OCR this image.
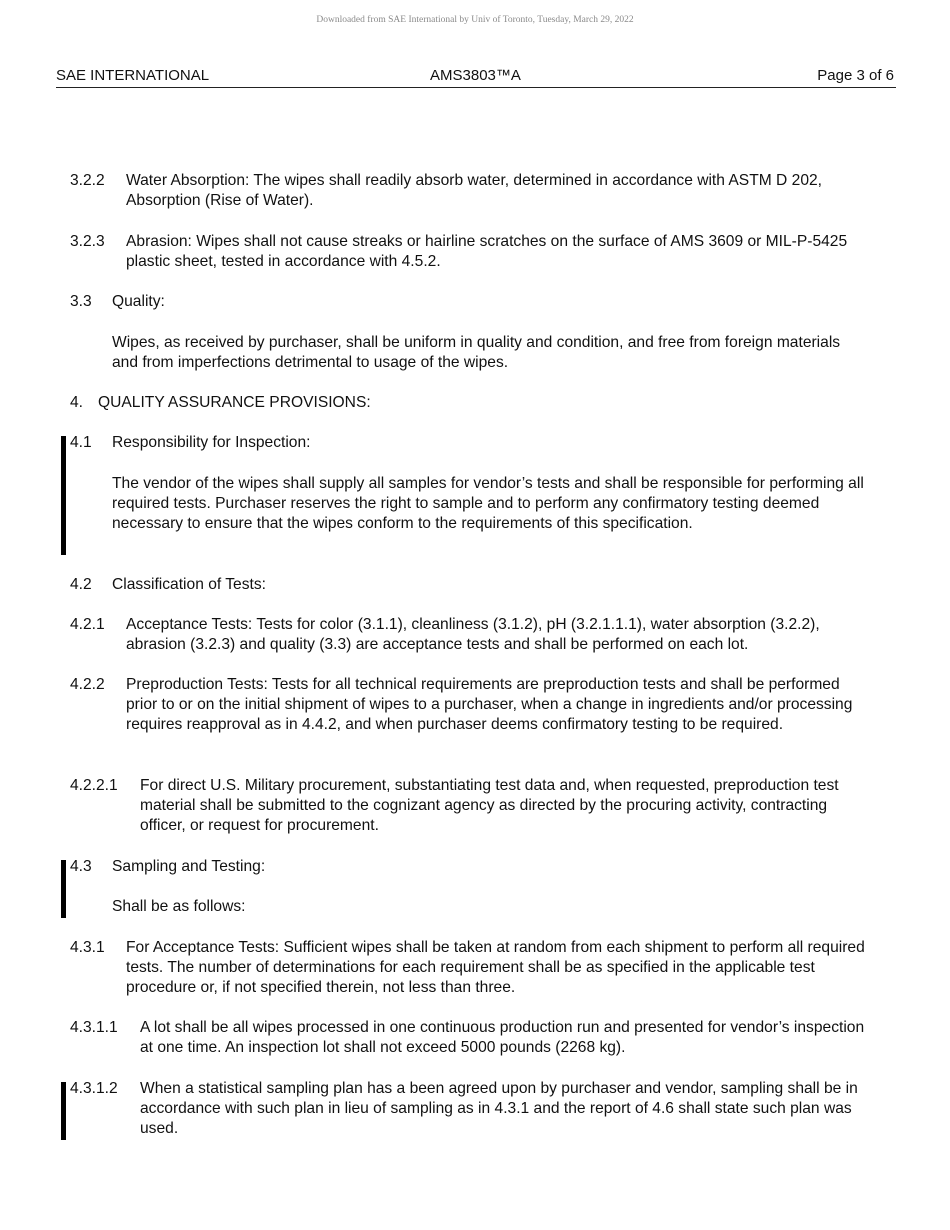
Downloaded from SAE International by Univ of Toronto, Tuesday, March 29, 2022
SAE INTERNATIONAL	AMS3803™A	Page 3 of 6
3.2.2	Water Absorption: The wipes shall readily absorb water, determined in accordance with ASTM D 202, Absorption (Rise of Water).
3.2.3	Abrasion: Wipes shall not cause streaks or hairline scratches on the surface of AMS 3609 or MIL-P-5425 plastic sheet, tested in accordance with 4.5.2.
3.3	Quality:
Wipes, as received by purchaser, shall be uniform in quality and condition, and free from foreign materials and from imperfections detrimental to usage of the wipes.
4. QUALITY ASSURANCE PROVISIONS:
4.1	Responsibility for Inspection:
The vendor of the wipes shall supply all samples for vendor’s tests and shall be responsible for performing all required tests. Purchaser reserves the right to sample and to perform any confirmatory testing deemed necessary to ensure that the wipes conform to the requirements of this specification.
4.2	Classification of Tests:
4.2.1	Acceptance Tests: Tests for color (3.1.1), cleanliness (3.1.2), pH (3.2.1.1.1), water absorption (3.2.2), abrasion (3.2.3) and quality (3.3) are acceptance tests and shall be performed on each lot.
4.2.2	Preproduction Tests: Tests for all technical requirements are preproduction tests and shall be performed prior to or on the initial shipment of wipes to a purchaser, when a change in ingredients and/or processing requires reapproval as in 4.4.2, and when purchaser deems confirmatory testing to be required.
4.2.2.1	For direct U.S. Military procurement, substantiating test data and, when requested, preproduction test material shall be submitted to the cognizant agency as directed by the procuring activity, contracting officer, or request for procurement.
4.3	Sampling and Testing:
Shall be as follows:
4.3.1	For Acceptance Tests: Sufficient wipes shall be taken at random from each shipment to perform all required tests. The number of determinations for each requirement shall be as specified in the applicable test procedure or, if not specified therein, not less than three.
4.3.1.1	A lot shall be all wipes processed in one continuous production run and presented for vendor’s inspection at one time. An inspection lot shall not exceed 5000 pounds (2268 kg).
4.3.1.2	When a statistical sampling plan has a been agreed upon by purchaser and vendor, sampling shall be in accordance with such plan in lieu of sampling as in 4.3.1 and the report of 4.6 shall state such plan was used.
